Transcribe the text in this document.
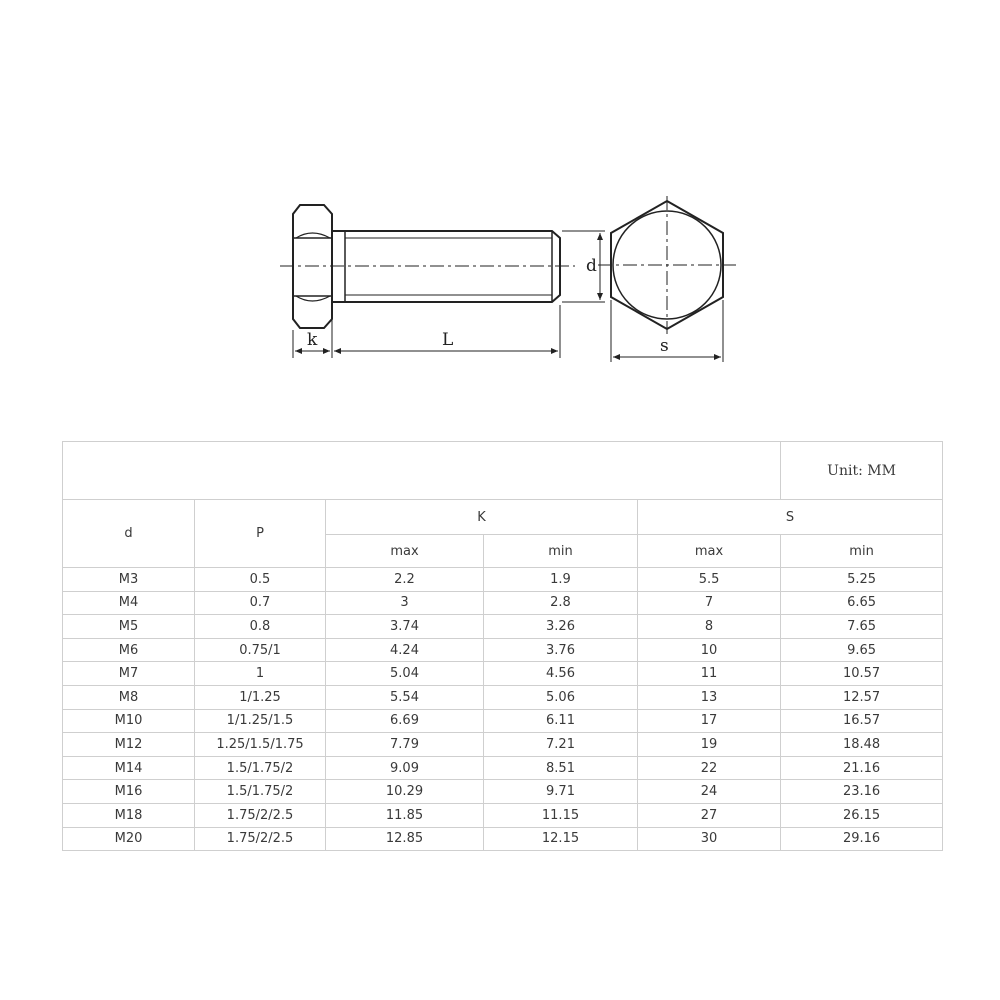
d
k	L	s
					Unit: MM
d	P	K		S	
		max	min	max	min
M3	0.5	2.2	1.9	5.5	5.25
M4	0.7	3	2.8	7	6.65
M5	0.8	3.74	3.26	8	7.65
M6	0.75/1	4.24	3.76	10	9.65
M7	1	5.04	4.56	11	10.57
M8	1/1.25	5.54	5.06	13	12.57
M10	1/1.25/1.5	6.69	6.11	17	16.57
M12	1.25/1.5/1.75	7.79	7.21	19	18.48
M14	1.5/1.75/2	9.09	8.51	22	21.16
M16	1.5/1.75/2	10.29	9.71	24	23.16
M18	1.75/2/2.5	11.85	11.15	27	26.15
M20	1.75/2/2.5	12.85	12.15	30	29.16
